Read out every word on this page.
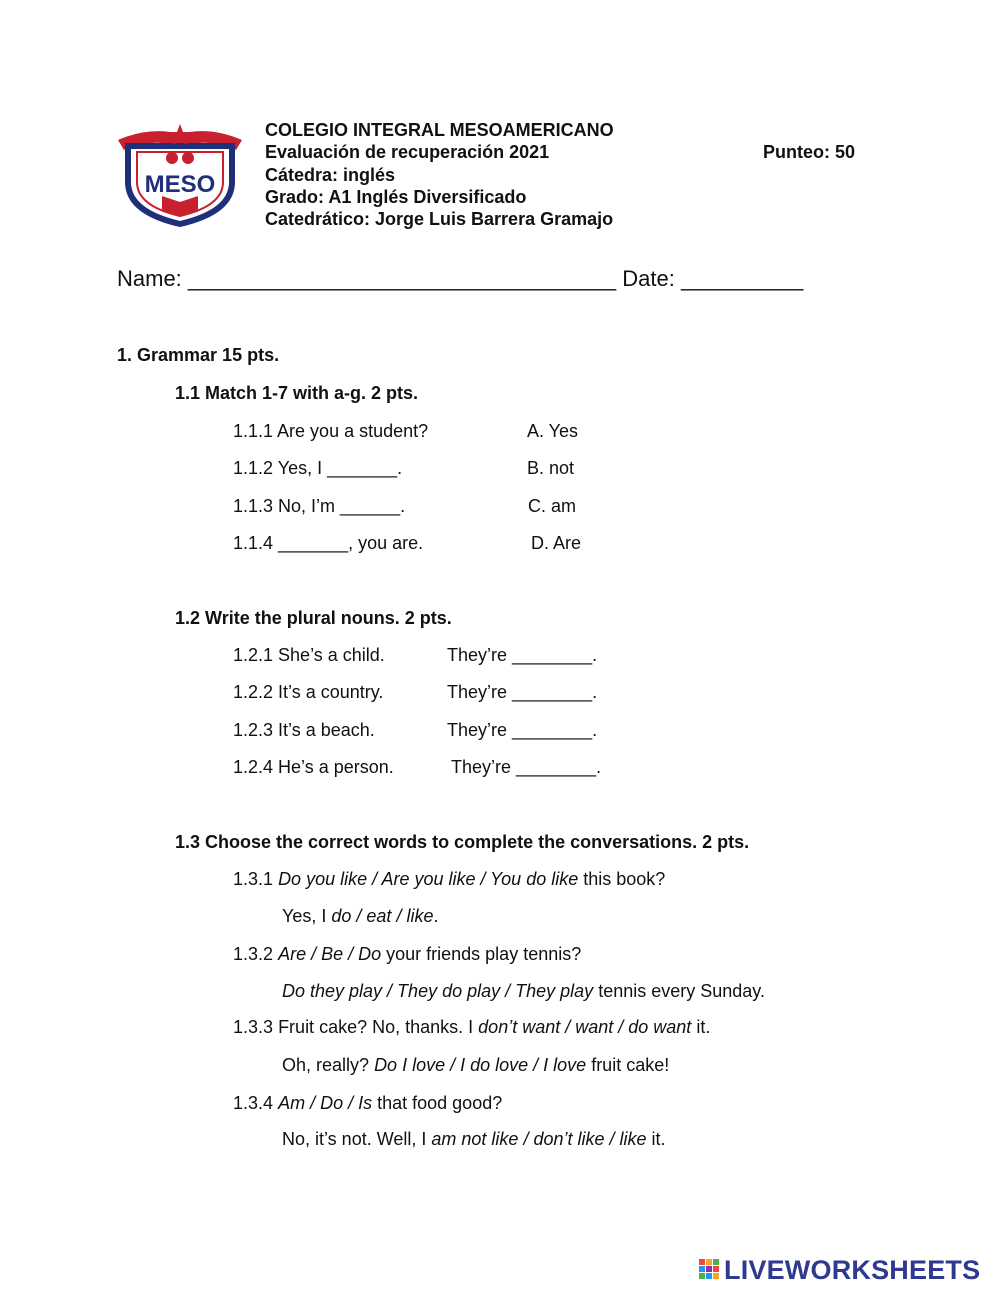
MESO
COLEGIO INTEGRAL MESOAMERICANO
Evaluación de recuperación 2021	Punteo: 50
Cátedra: inglés
Grado: A1 Inglés Diversificado
Catedrático: Jorge Luis Barrera Gramajo
Name: ___________________________________ Date: __________
1. Grammar 15 pts.
1.1 Match 1-7 with a-g. 2 pts.
1.1.1 Are you a student?	A. Yes
1.1.2 Yes, I _______.	B. not
1.1.3 No, I’m ______.	C. am
1.1.4 _______, you are.	D. Are
1.2 Write the plural nouns. 2 pts.
1.2.1 She’s a child.	They’re ________.
1.2.2 It’s a country.	They’re ________.
1.2.3 It’s a beach.	They’re ________.
1.2.4 He’s a person.	They’re ________.
1.3 Choose the correct words to complete the conversations. 2 pts.
1.3.1 Do you like / Are you like / You do like this book?
Yes, I do / eat / like.
1.3.2 Are / Be / Do your friends play tennis?
Do they play / They do play / They play tennis every Sunday.
1.3.3 Fruit cake? No, thanks. I don’t want / want / do want it.
Oh, really? Do I love / I do love / I love fruit cake!
1.3.4 Am / Do / Is that food good?
No, it’s not. Well, I am not like / don’t like / like it.
LIVEWORKSHEETS
